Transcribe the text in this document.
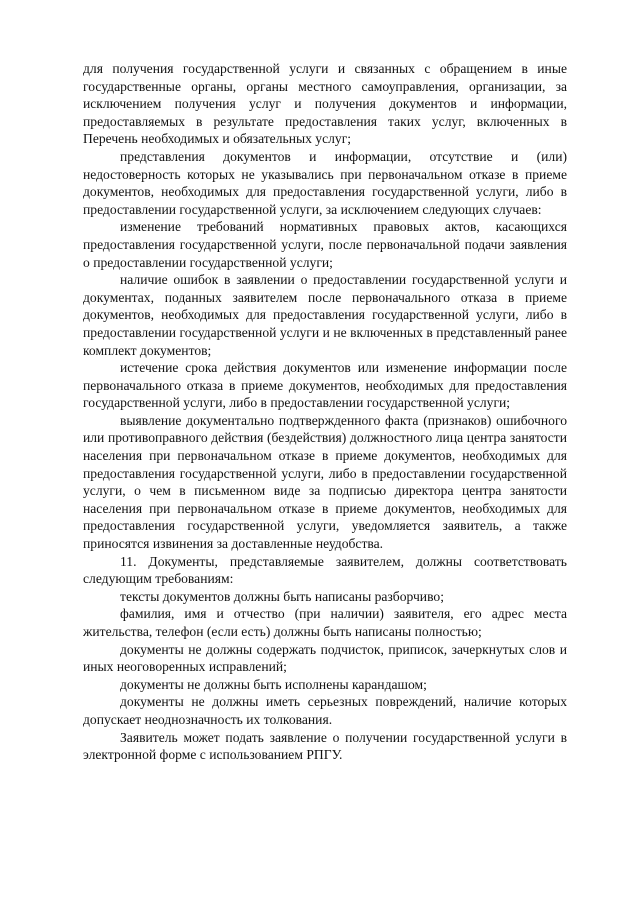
для получения государственной услуги и связанных с обращением в иные государственные органы, органы местного самоуправления, организации, за исключением получения услуг и получения документов и информации, предоставляемых в результате предоставления таких услуг, включенных в Перечень необходимых и обязательных услуг;

представления документов и информации, отсутствие и (или) недостоверность которых не указывались при первоначальном отказе в приеме документов, необходимых для предоставления государственной услуги, либо в предоставлении государственной услуги, за исключением следующих случаев:

изменение требований нормативных правовых актов, касающихся предоставления государственной услуги, после первоначальной подачи заявления о предоставлении государственной услуги;

наличие ошибок в заявлении о предоставлении государственной услуги и документах, поданных заявителем после первоначального отказа в приеме документов, необходимых для предоставления государственной услуги, либо в предоставлении государственной услуги и не включенных в представленный ранее комплект документов;

истечение срока действия документов или изменение информации после первоначального отказа в приеме документов, необходимых для предоставления государственной услуги, либо в предоставлении государственной услуги;

выявление документально подтвержденного факта (признаков) ошибочного или противоправного действия (бездействия) должностного лица центра занятости населения при первоначальном отказе в приеме документов, необходимых для предоставления государственной услуги, либо в предоставлении государственной услуги, о чем в письменном виде за подписью директора центра занятости населения при первоначальном отказе в приеме документов, необходимых для предоставления государственной услуги, уведомляется заявитель, а также приносятся извинения за доставленные неудобства.

11. Документы, представляемые заявителем, должны соответствовать следующим требованиям:

тексты документов должны быть написаны разборчиво;

фамилия, имя и отчество (при наличии) заявителя, его адрес места жительства, телефон (если есть) должны быть написаны полностью;

документы не должны содержать подчисток, приписок, зачеркнутых слов и иных неоговоренных исправлений;

документы не должны быть исполнены карандашом;

документы не должны иметь серьезных повреждений, наличие которых допускает неоднозначность их толкования.

Заявитель может подать заявление о получении государственной услуги в электронной форме с использованием РПГУ.
